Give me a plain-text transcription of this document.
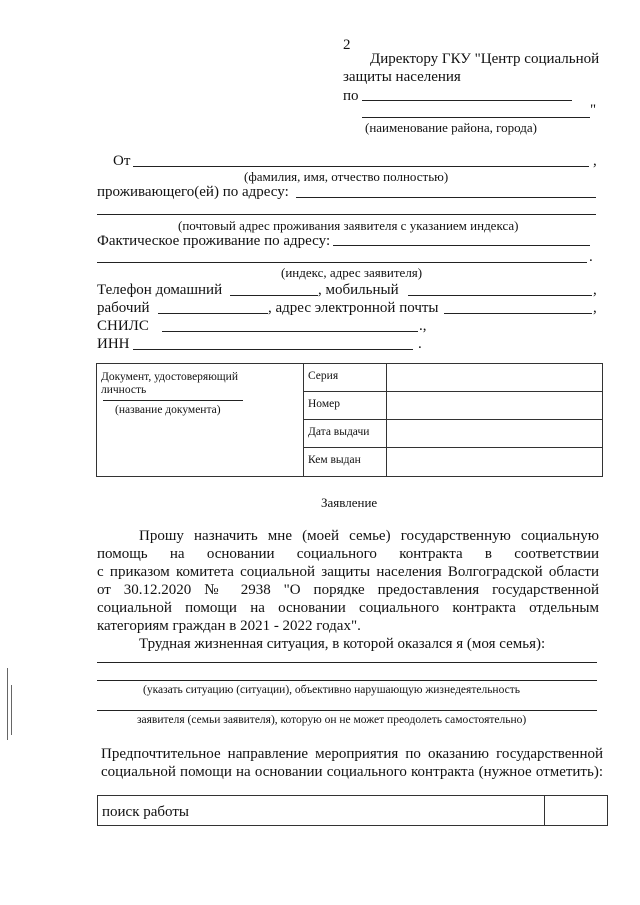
2
Директору ГКУ "Центр социальной
защиты населения
по
"
(наименование района, города)
От	,
(фамилия, имя, отчество полностью)
проживающего(ей) по адресу:
(почтовый адрес проживания заявителя с указанием индекса)
Фактическое проживание по адресу:
.
(индекс, адрес заявителя)
Телефон домашний	, мобильный	,
рабочий	, адрес электронной почты	,
СНИЛС	.,
ИНН	.
Документ, удостоверяющий личность
(название документа)	Серия	
	Номер	
	Дата выдачи	
	Кем выдан	
Заявление
Прошу назначить мне (моей семье) государственную социальную
помощь на основании социального контракта в соответствии
с приказом комитета социальной защиты населения Волгоградской области
от 30.12.2020 № 2938 "О порядке предоставления государственной
социальной помощи на основании социального контракта отдельным
категориям граждан в 2021 - 2022 годах".
Трудная жизненная ситуация, в которой оказался я (моя семья):
(указать ситуацию (ситуации), объективно нарушающую жизнедеятельность
заявителя (семьи заявителя), которую он не может преодолеть самостоятельно)
Предпочтительное направление мероприятия по оказанию государственной
социальной помощи на основании социального контракта (нужное отметить):
поиск работы	
